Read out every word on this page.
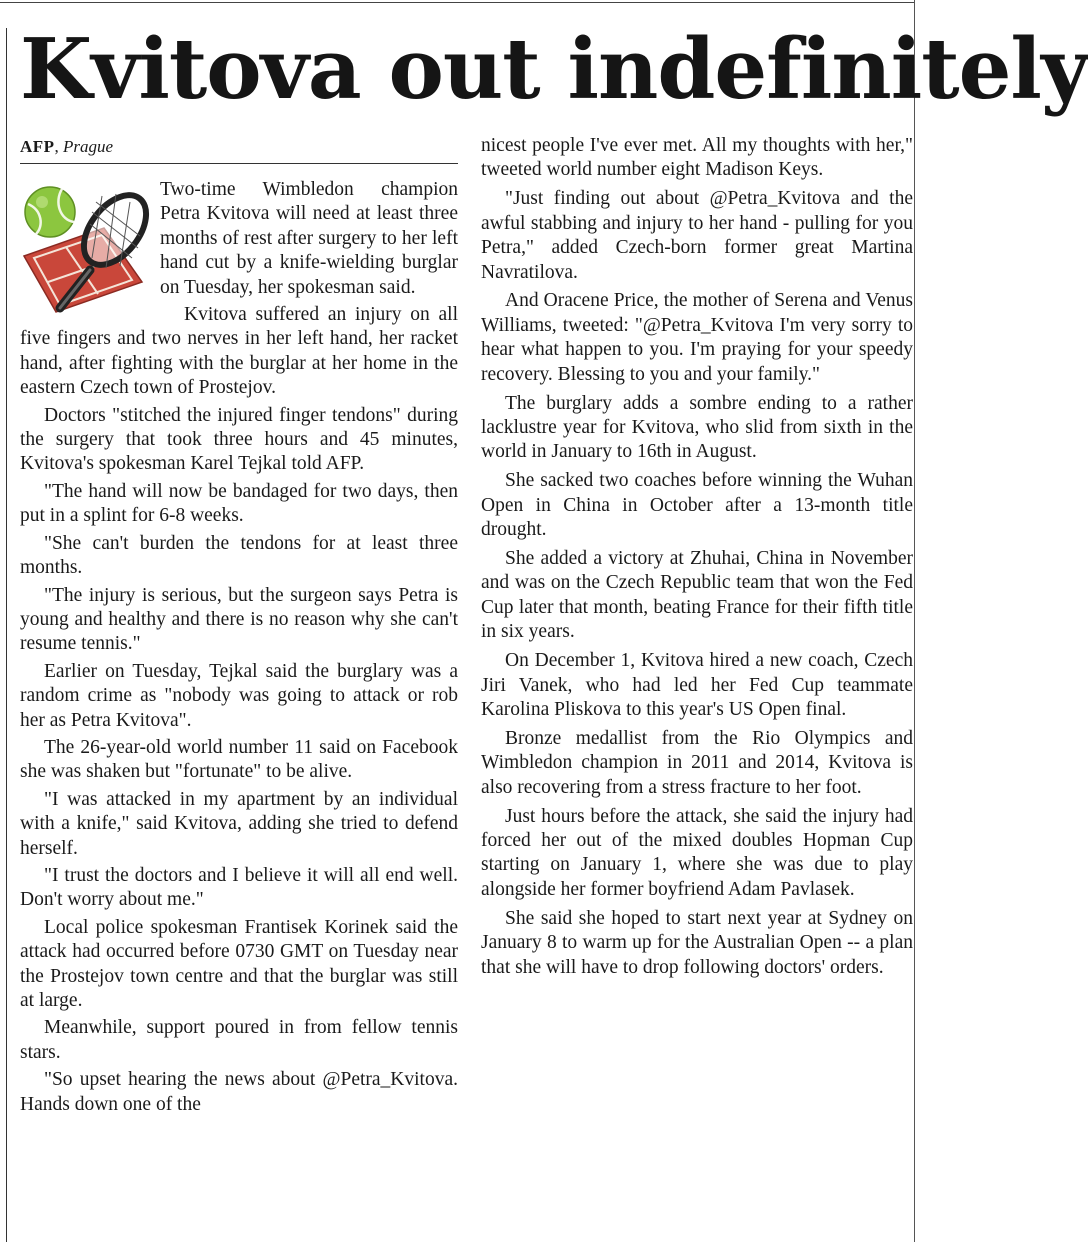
Kvitova out indefinitely

AFP, Prague

Two-time Wimbledon champion Petra Kvitova will need at least three months of rest after surgery to her left hand cut by a knife-wielding burglar on Tuesday, her spokesman said.

Kvitova suffered an injury on all five fingers and two nerves in her left hand, her racket hand, after fighting with the burglar at her home in the eastern Czech town of Prostejov.

Doctors "stitched the injured finger tendons" during the surgery that took three hours and 45 minutes, Kvitova's spokesman Karel Tejkal told AFP.

"The hand will now be bandaged for two days, then put in a splint for 6-8 weeks.

"She can't burden the tendons for at least three months.

"The injury is serious, but the surgeon says Petra is young and healthy and there is no reason why she can't resume tennis."

Earlier on Tuesday, Tejkal said the burglary was a random crime as "nobody was going to attack or rob her as Petra Kvitova".

The 26-year-old world number 11 said on Facebook she was shaken but "fortunate" to be alive.

"I was attacked in my apartment by an individual with a knife," said Kvitova, adding she tried to defend herself.

"I trust the doctors and I believe it will all end well. Don't worry about me."

Local police spokesman Frantisek Korinek said the attack had occurred before 0730 GMT on Tuesday near the Prostejov town centre and that the burglar was still at large.

Meanwhile, support poured in from fellow tennis stars.

"So upset hearing the news about @Petra_Kvitova. Hands down one of the

nicest people I've ever met. All my thoughts with her," tweeted world number eight Madison Keys.

"Just finding out about @Petra_Kvitova and the awful stabbing and injury to her hand - pulling for you Petra," added Czech-born former great Martina Navratilova.

And Oracene Price, the mother of Serena and Venus Williams, tweeted: "@Petra_Kvitova I'm very sorry to hear what happen to you. I'm praying for your speedy recovery. Blessing to you and your family."

The burglary adds a sombre ending to a rather lacklustre year for Kvitova, who slid from sixth in the world in January to 16th in August.

She sacked two coaches before winning the Wuhan Open in China in October after a 13-month title drought.

She added a victory at Zhuhai, China in November and was on the Czech Republic team that won the Fed Cup later that month, beating France for their fifth title in six years.

On December 1, Kvitova hired a new coach, Czech Jiri Vanek, who had led her Fed Cup teammate Karolina Pliskova to this year's US Open final.

Bronze medallist from the Rio Olympics and Wimbledon champion in 2011 and 2014, Kvitova is also recovering from a stress fracture to her foot.

Just hours before the attack, she said the injury had forced her out of the mixed doubles Hopman Cup starting on January 1, where she was due to play alongside her former boyfriend Adam Pavlasek.

She said she hoped to start next year at Sydney on January 8 to warm up for the Australian Open -- a plan that she will have to drop following doctors' orders.
